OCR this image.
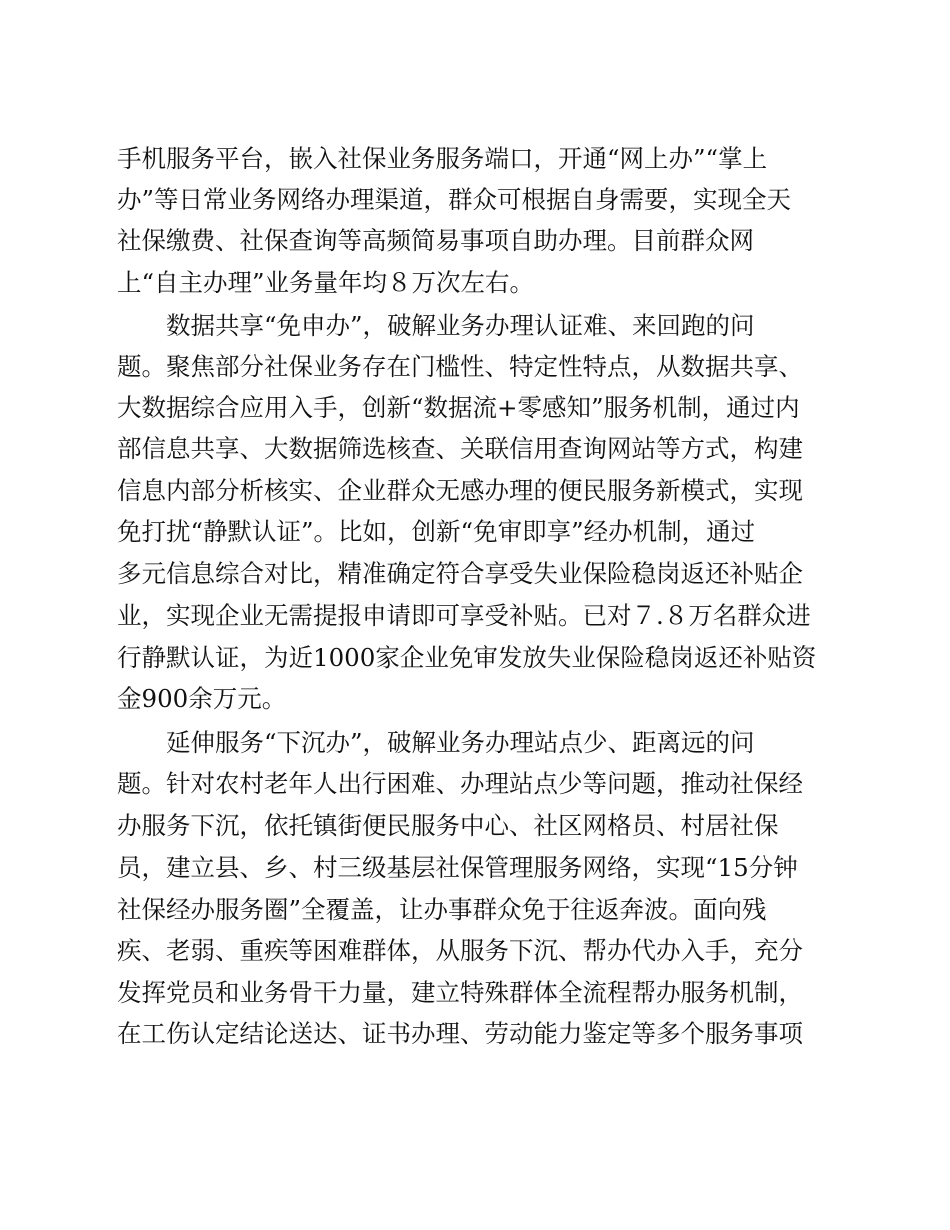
手机服务平台，嵌入社保业务服务端口，开通“网上办”“掌上
办”等日常业务网络办理渠道，群众可根据自身需要，实现全天
社保缴费、社保查询等高频简易事项自助办理。目前群众网
上“自主办理”业务量年均８万次左右。
数据共享“免申办”，破解业务办理认证难、来回跑的问
题。聚焦部分社保业务存在门槛性、特定性特点，从数据共享、
大数据综合应用入手，创新“数据流+零感知”服务机制，通过内
部信息共享、大数据筛选核查、关联信用查询网站等方式，构建
信息内部分析核实、企业群众无感办理的便民服务新模式，实现
免打扰“静默认证”。比如，创新“免审即享”经办机制，通过
多元信息综合对比，精准确定符合享受失业保险稳岗返还补贴企
业，实现企业无需提报申请即可享受补贴。已对７.８万名群众进
行静默认证，为近1000家企业免审发放失业保险稳岗返还补贴资
金900余万元。
延伸服务“下沉办”，破解业务办理站点少、距离远的问
题。针对农村老年人出行困难、办理站点少等问题，推动社保经
办服务下沉，依托镇街便民服务中心、社区网格员、村居社保
员，建立县、乡、村三级基层社保管理服务网络，实现“15分钟
社保经办服务圈”全覆盖，让办事群众免于往返奔波。面向残
疾、老弱、重疾等困难群体，从服务下沉、帮办代办入手，充分
发挥党员和业务骨干力量，建立特殊群体全流程帮办服务机制，
在工伤认定结论送达、证书办理、劳动能力鉴定等多个服务事项
